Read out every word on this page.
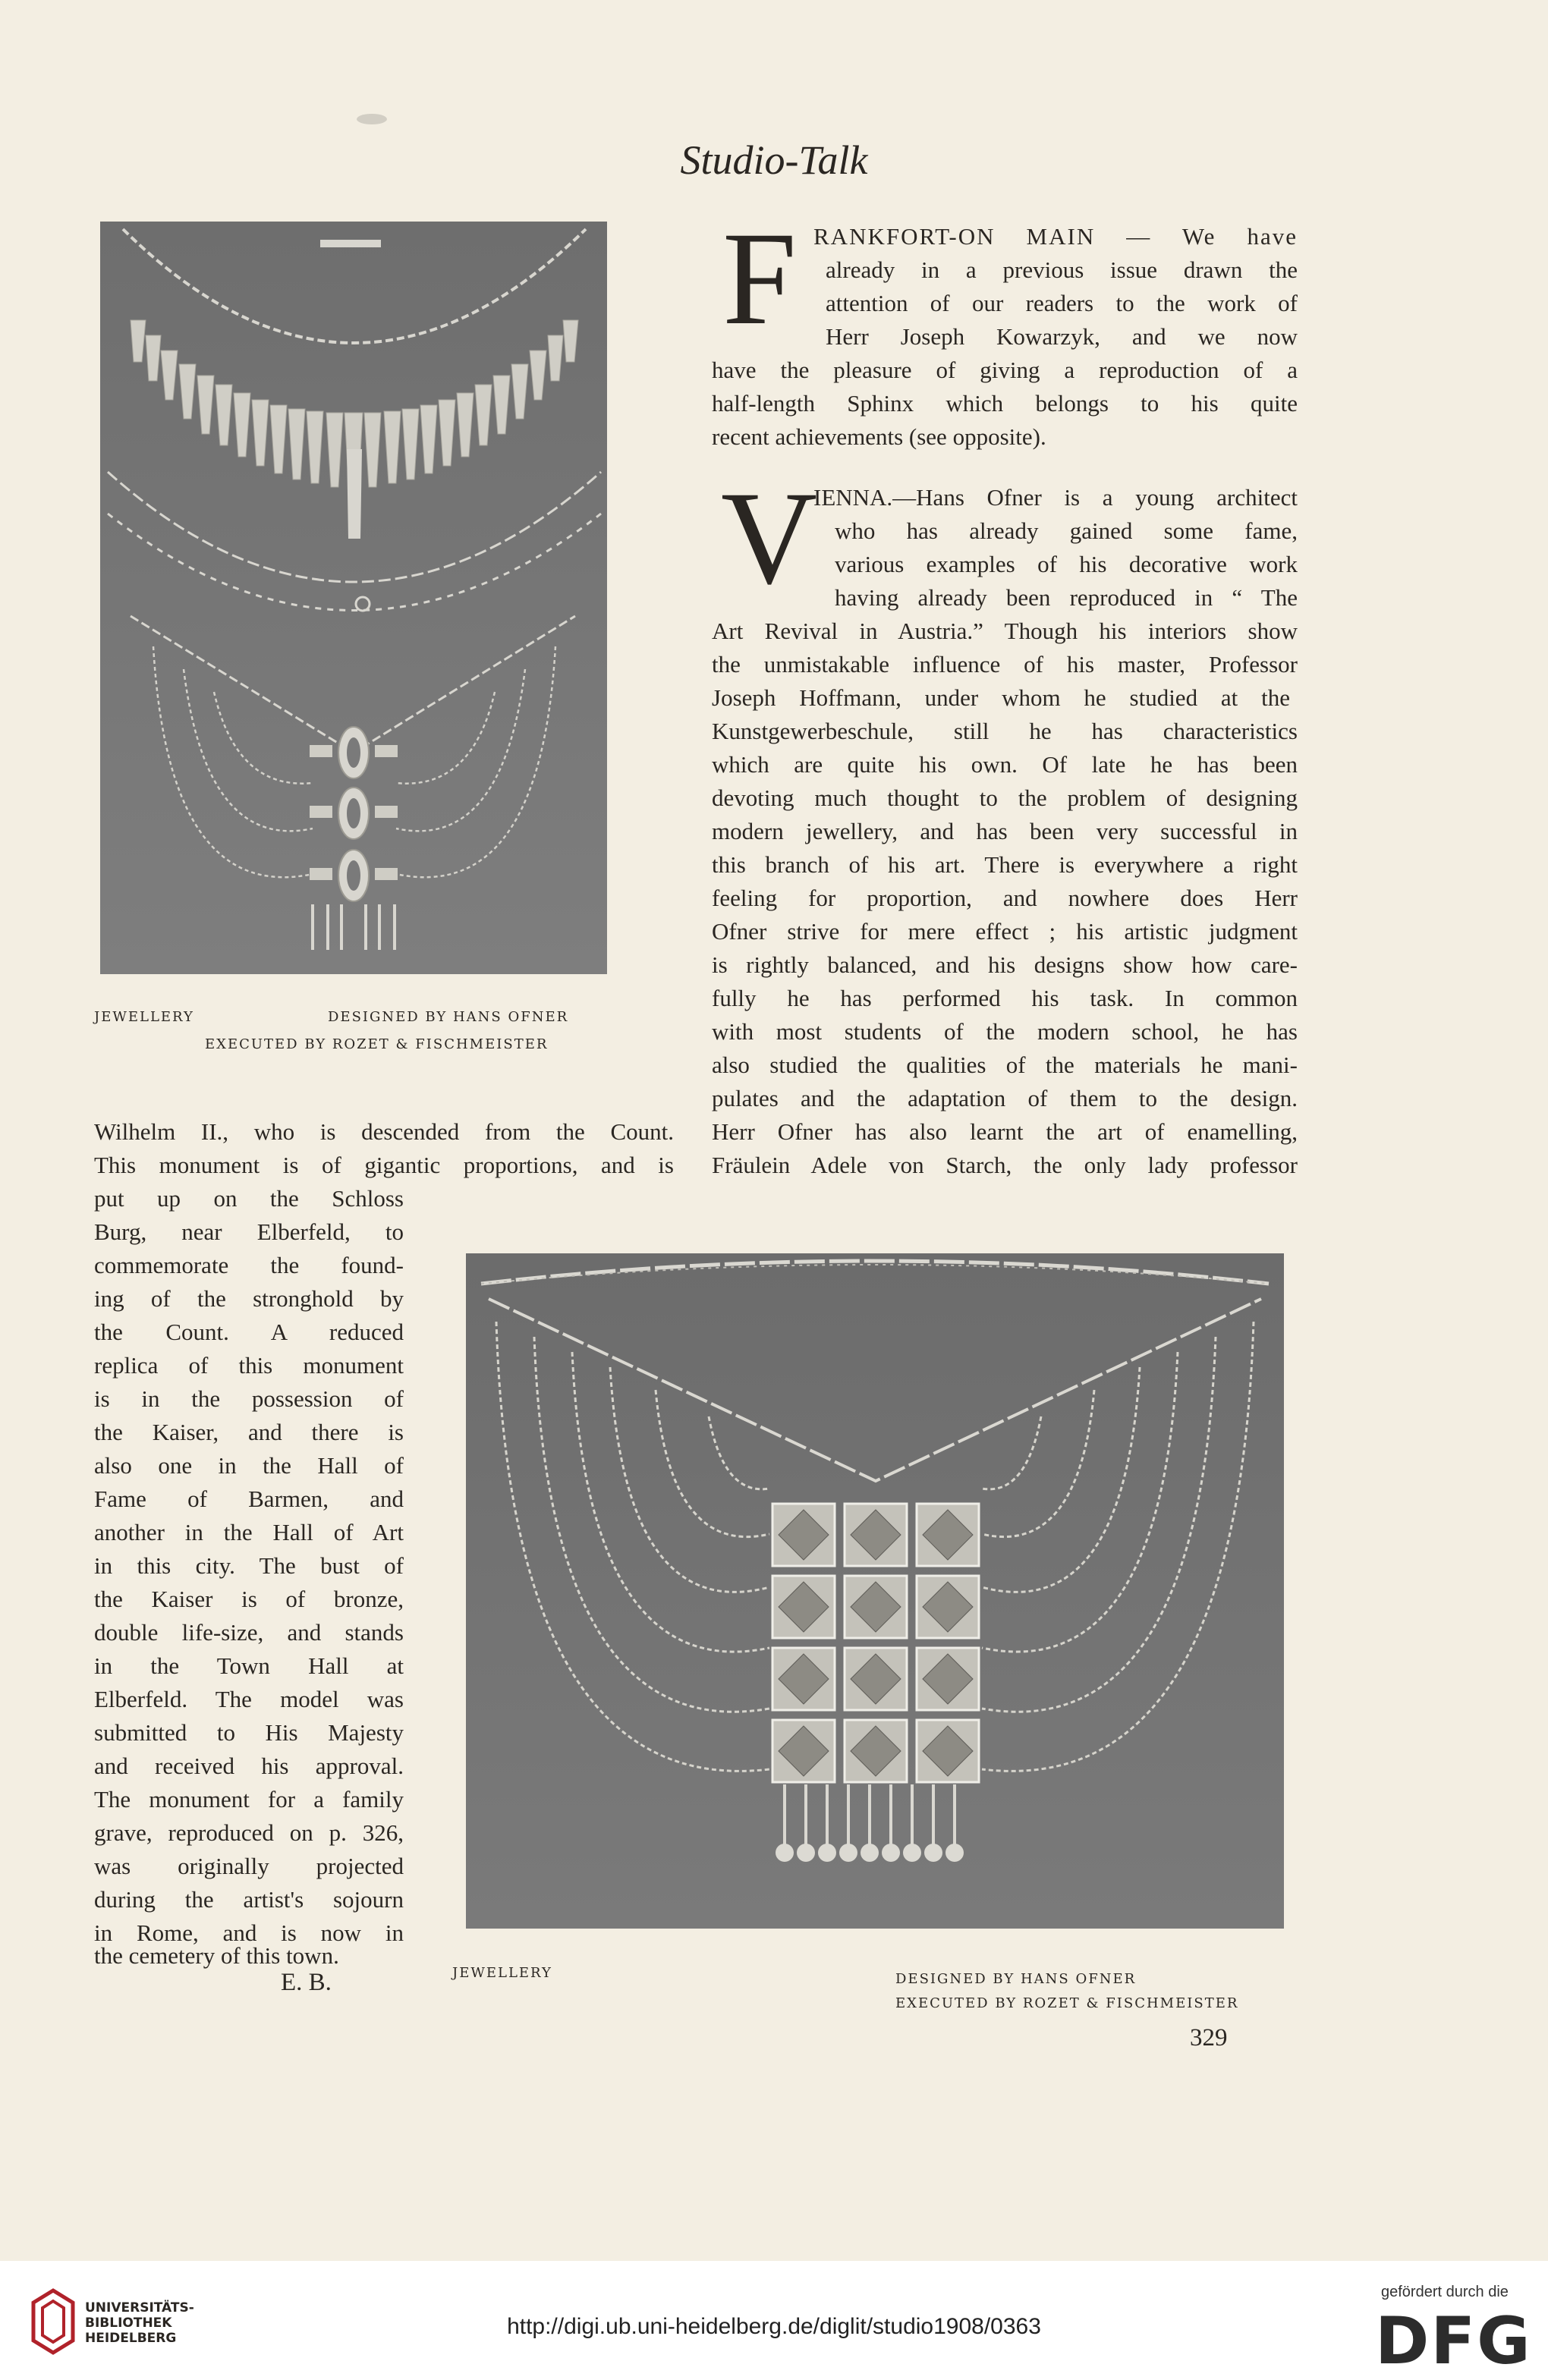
Studio-Talk
JEWELLERY	DESIGNED BY HANS OFNER
EXECUTED BY ROZET & FISCHMEISTER
F RANKFORT-ON MAIN — We have
already in a previous issue drawn the
attention of our readers to the work of
Herr Joseph Kowarzyk, and we now
have the pleasure of giving a reproduction of a
half-length Sphinx which belongs to his quite
recent achievements (see opposite).
V
IENNA.—Hans Ofner is a young architect
who has already gained some fame,
various examples of his decorative work
having already been reproduced in “ The
Art Revival in Austria.” Though his interiors show
the unmistakable influence of his master, Professor
Joseph Hoffmann, under whom he studied at the
Kunstgewerbeschule, still he has characteristics
which are quite his own. Of late he has been
devoting much thought to the problem of designing
modern jewellery, and has been very successful in
this branch of his art. There is everywhere a right
feeling for proportion, and nowhere does Herr
Ofner strive for mere effect ; his artistic judgment
is rightly balanced, and his designs show how care-
fully he has performed his task. In common
with most students of the modern school, he has
also studied the qualities of the materials he mani-
pulates and the adaptation of them to the design.
Herr Ofner has also learnt the art of enamelling,
Fräulein Adele von Starch, the only lady professor
Wilhelm II., who is descended from the Count.
This monument is of gigantic proportions, and is
put up on the Schloss
Burg, near Elberfeld, to
commemorate the found-
ing of the stronghold by
the Count. A reduced
replica of this monument
is in the possession of
the Kaiser, and there is
also one in the Hall of
Fame of Barmen, and
another in the Hall of Art
in this city. The bust of
the Kaiser is of bronze,
double life-size, and stands
in the Town Hall at
Elberfeld. The model was
submitted to His Majesty
and received his approval.
The monument for a family
grave, reproduced on p. 326,
was originally projected
during the artist's sojourn
in Rome, and is now in
the cemetery of this town.
E. B.	JEWELLERY	DESIGNED BY HANS OFNER
EXECUTED BY ROZET & FISCHMEISTER
329
UNIVERSITÄTS-
BIBLIOTHEK
HEIDELBERG	http://digi.ub.uni-heidelberg.de/diglit/studio1908/0363
gefördert durch die
DFG
